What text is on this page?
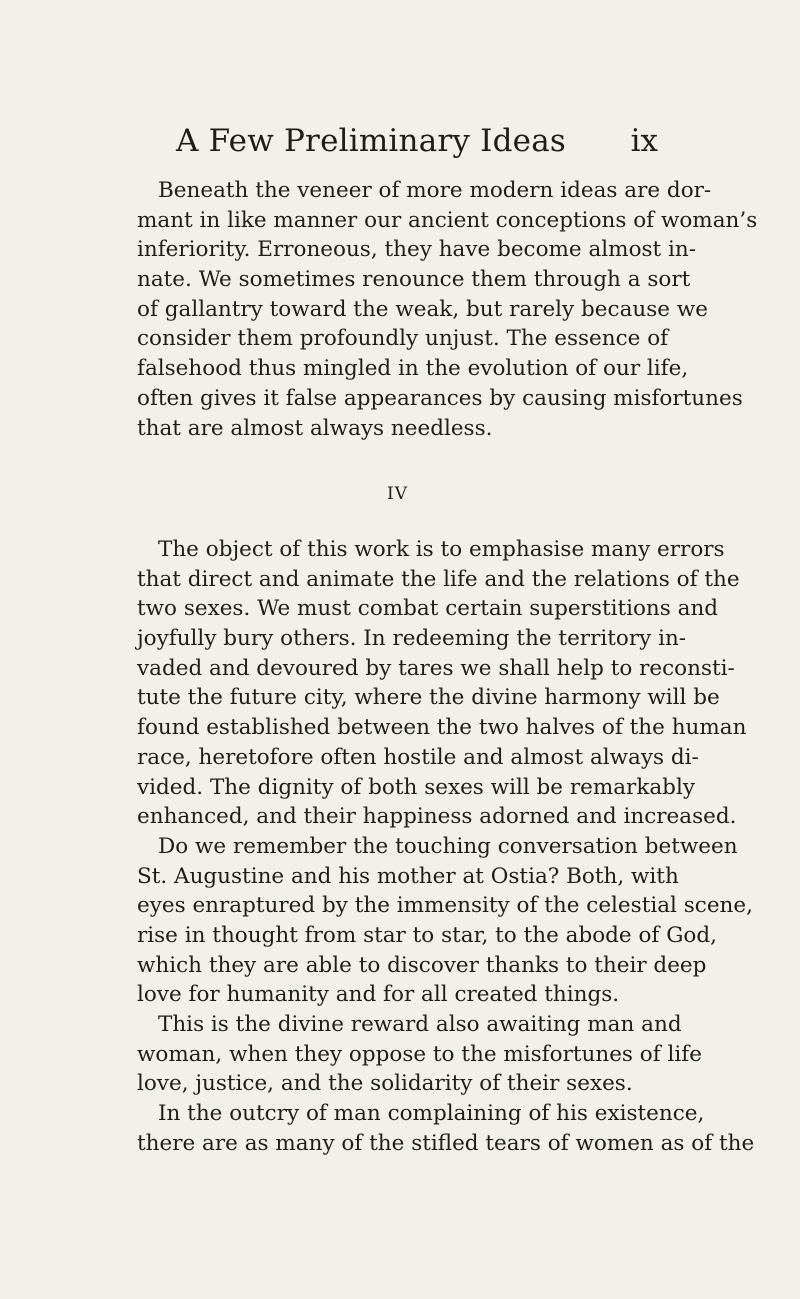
A Few Preliminary Ideas ix
Beneath the veneer of more modern ideas are dor-
mant in like manner our ancient conceptions of woman’s
inferiority. Erroneous, they have become almost in-
nate. We sometimes renounce them through a sort
of gallantry toward the weak, but rarely because we
consider them profoundly unjust. The essence of
falsehood thus mingled in the evolution of our life,
often gives it false appearances by causing misfortunes
that are almost always needless.
IV
The object of this work is to emphasise many errors
that direct and animate the life and the relations of the
two sexes. We must combat certain superstitions and
joyfully bury others. In redeeming the territory in-
vaded and devoured by tares we shall help to reconsti-
tute the future city, where the divine harmony will be
found established between the two halves of the human
race, heretofore often hostile and almost always di-
vided. The dignity of both sexes will be remarkably
enhanced, and their happiness adorned and increased.
Do we remember the touching conversation between
St. Augustine and his mother at Ostia? Both, with
eyes enraptured by the immensity of the celestial scene,
rise in thought from star to star, to the abode of God,
which they are able to discover thanks to their deep
love for humanity and for all created things.
This is the divine reward also awaiting man and
woman, when they oppose to the misfortunes of life
love, justice, and the solidarity of their sexes.
In the outcry of man complaining of his existence,
there are as many of the stifled tears of women as of the
